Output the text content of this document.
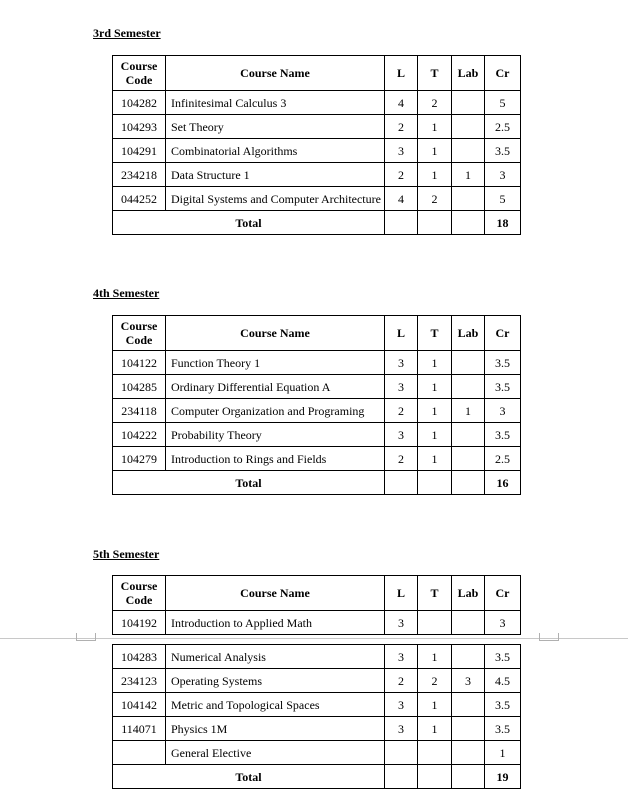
3rd Semester
Course Code	Course Name	L	T	Lab	Cr
104282	Infinitesimal Calculus 3	4	2		5
104293	Set Theory	2	1		2.5
104291	Combinatorial Algorithms	3	1		3.5
234218	Data Structure 1	2	1	1	3
044252	Digital Systems and Computer Architecture	4	2		5
Total					18
4th Semester
Course Code	Course Name	L	T	Lab	Cr
104122	Function Theory 1	3	1		3.5
104285	Ordinary Differential Equation A	3	1		3.5
234118	Computer Organization and Programing	2	1	1	3
104222	Probability Theory	3	1		3.5
104279	Introduction to Rings and Fields	2	1		2.5
Total					16
5th Semester
Course Code	Course Name	L	T	Lab	Cr
104192	Introduction to Applied Math	3			3
104283	Numerical Analysis	3	1		3.5
234123	Operating Systems	2	2	3	4.5
104142	Metric and Topological Spaces	3	1		3.5
114071	Physics 1M	3	1		3.5
	General Elective				1
Total					19
